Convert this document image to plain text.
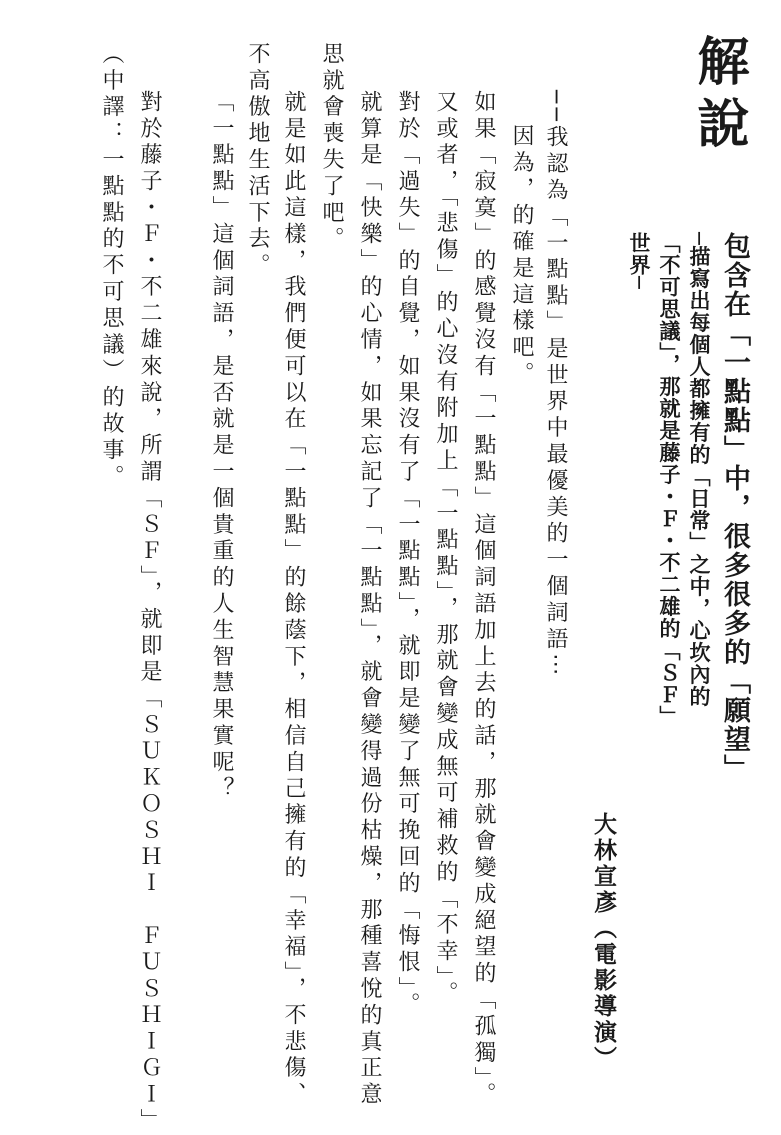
解說
包含在「一點點」中，很多很多的「願望」
─描寫出每個人都擁有的「日常」之中，心坎內的
「不可思議」，那就是藤子・Ｆ・不二雄的「ＳＦ」
世界─
大林宣彥（電影導演）

──我認為「一點點」是世界中最優美的一個詞語⋯

因為，的確是這樣吧。

如果「寂寞」的感覺沒有「一點點」這個詞語加上去的話，那就會變成絕望的「孤獨」。

又或者，「悲傷」的心沒有附加上「一點點」，那就會變成無可補救的「不幸」。

對於「過失」的自覺，如果沒有了「一點點」，就即是變了無可挽回的「悔恨」。

就算是「快樂」的心情，如果忘記了「一點點」，就會變得過份枯燥，那種喜悅的真正意

思就會喪失了吧。

就是如此這樣，我們便可以在「一點點」的餘蔭下，相信自己擁有的「幸福」，不悲傷、

不高傲地生活下去。

「一點點」這個詞語，是否就是一個貴重的人生智慧果實呢？

對於藤子・Ｆ・不二雄來說，所謂「ＳＦ」，就即是「ＳＵＫＯＳＨＩ　ＦＵＳＨＩＧＩ」

（中譯：一點點的不可思議）的故事。
